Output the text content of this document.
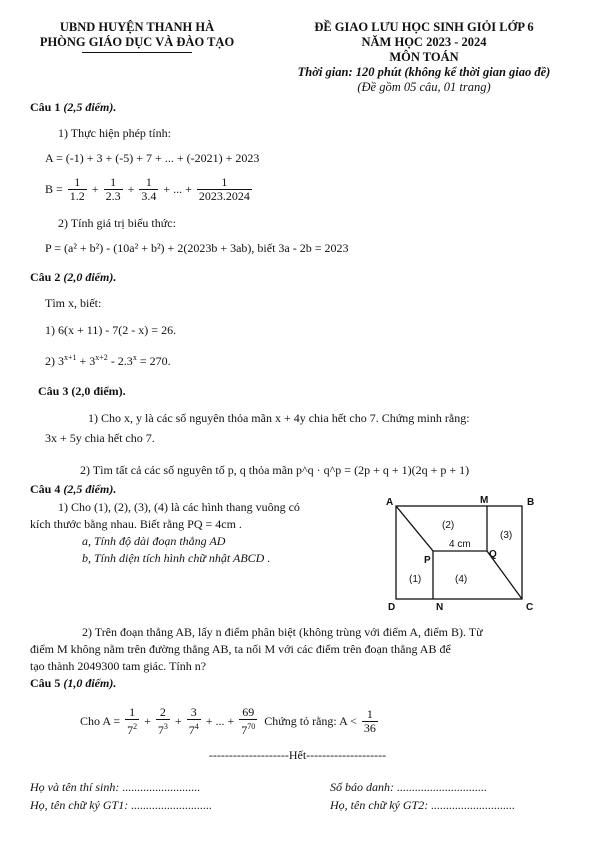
UBND HUYỆN THANH HÀ
PHÒNG GIÁO DỤC VÀ ĐÀO TẠO
ĐỀ GIAO LƯU HỌC SINH GIỎI LỚP 6
NĂM HỌC 2023 - 2024
MÔN TOÁN
Thời gian: 120 phút (không kể thời gian giao đề)
(Đề gồm 05 câu, 01 trang)
Câu 1 (2,5 điểm).
1) Thực hiện phép tính:
A = (-1) + 3 + (-5) + 7 + ... + (-2021) + 2023
$B = \frac{1}{1.2} + \frac{1}{2.3} + \frac{1}{3.4}$ + ... + $\frac{1}{2023.2024}$
2) Tính giá trị biểu thức:
P = (a² + b²) - (10a² + b²) + 2(2023b + 3ab), biết 3a - 2b = 2023
Câu 2 (2,0 điểm).
Tìm x, biết:
1) 6(x + 11) - 7(2 - x) = 26.
2) $3^{x+1} + 3^{x+2} - 2.3^x = 270$.
Câu 3 (2,0 điểm).
1) Cho x, y là các số nguyên thỏa mãn x + 4y chia hết cho 7. Chứng minh rằng:
3x + 5y chia hết cho 7.
2) Tìm tất cả các số nguyên tố p, q thỏa mãn p^q · q^p = (2p + q + 1)(2q + p + 1)
Câu 4 (2,5 điểm).
1) Cho (1), (2), (3), (4) là các hình thang vuông có
kích thước bằng nhau. Biết rằng PQ = 4cm .
a, Tính độ dài đoạn thẳng AD
b, Tính diện tích hình chữ nhật ABCD .
A	M	B
P
Q
D	N	C
(1)
(2)
(3)
(4)
4 cm
2) Trên đoạn thẳng AB, lấy n điểm phân biệt (không trùng với điểm A, điểm B). Từ
điểm M không nằm trên đường thẳng AB, ta nối M với các điểm trên đoạn thẳng AB để
tạo thành 2049300 tam giác. Tính n?
Câu 5 (1,0 điểm).
Cho $A = \frac{1}{7^2} + \frac{2}{7^3} + \frac{3}{7^4}$ + ... + $\frac{69}{7^{70}}$ Chứng tỏ rằng: $A < \frac{1}{36}$
--------------------Hết--------------------
Họ và tên thí sinh: ..........................	Số báo danh: ..............................
Họ, tên chữ ký GT1: ...........................	Họ, tên chữ ký GT2: ............................
